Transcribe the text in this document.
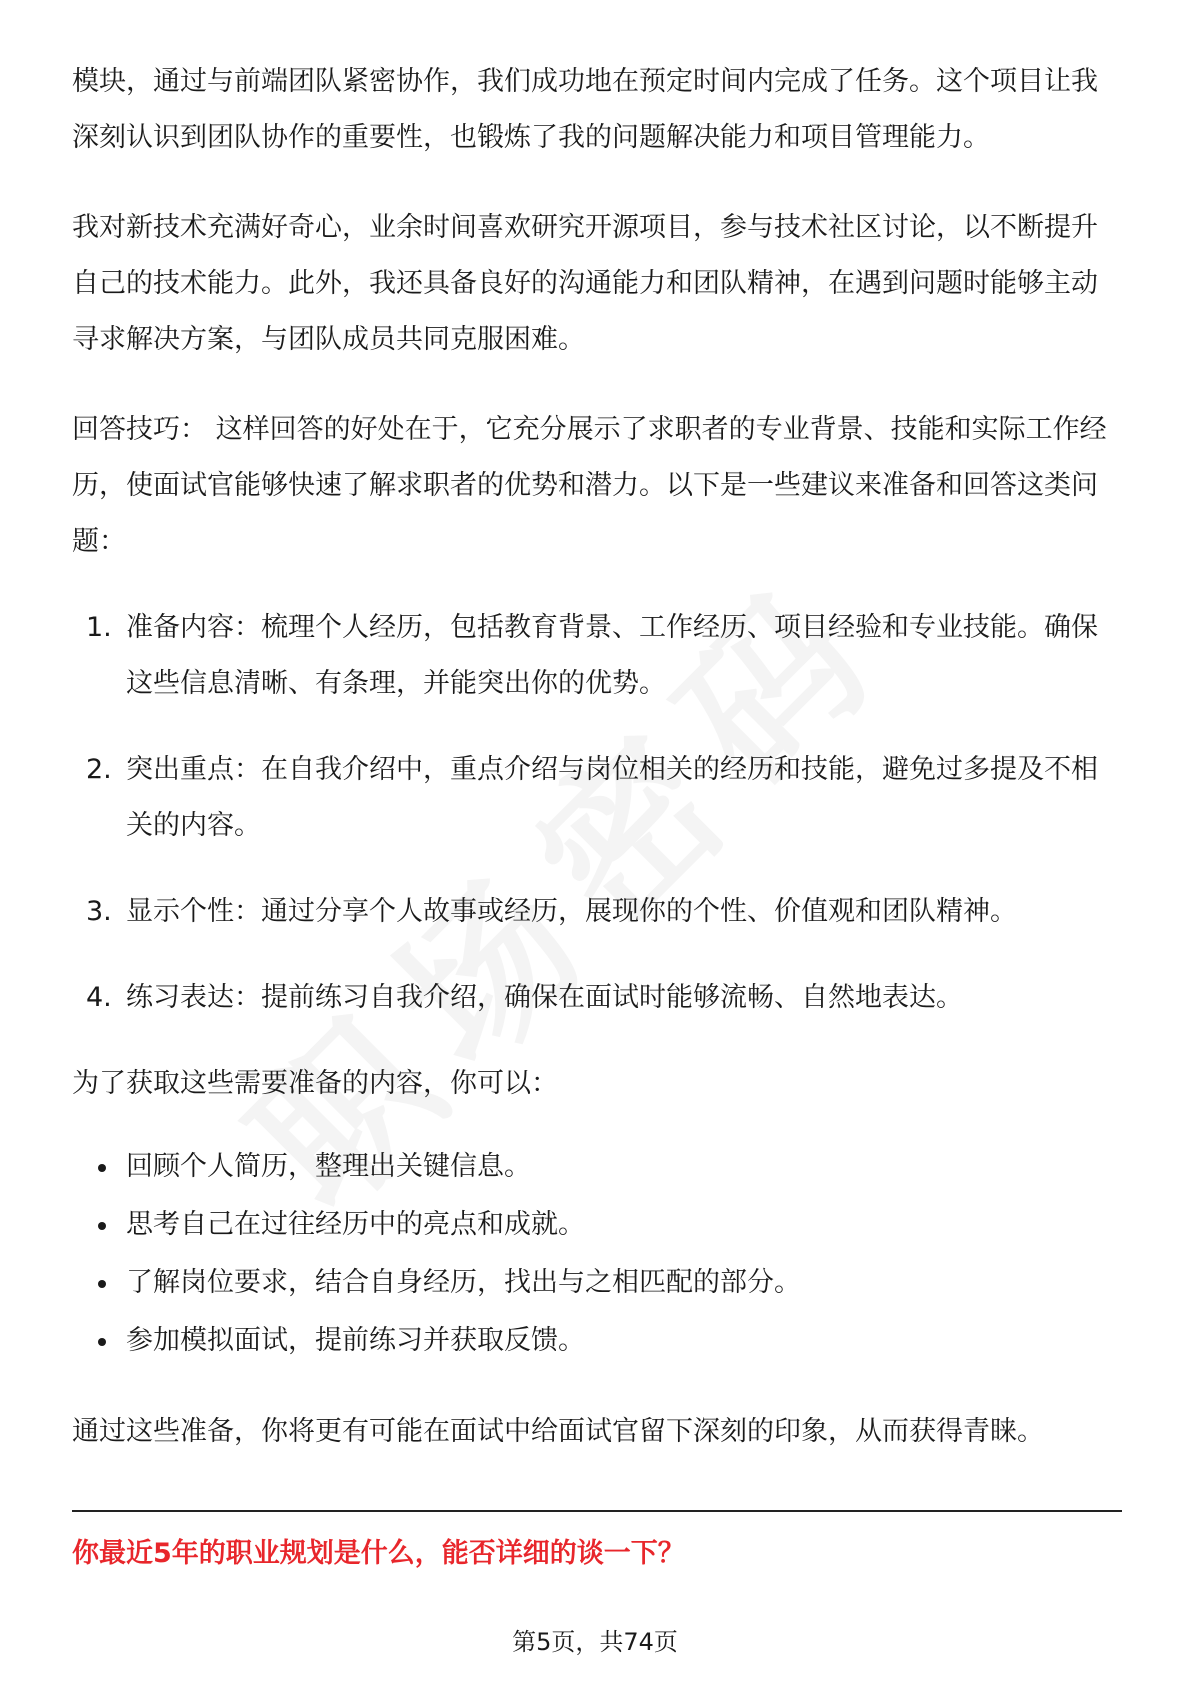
模块，通过与前端团队紧密协作，我们成功地在预定时间内完成了任务。这个项目让我深刻认识到团队协作的重要性，也锻炼了我的问题解决能力和项目管理能力。

我对新技术充满好奇心，业余时间喜欢研究开源项目，参与技术社区讨论，以不断提升自己的技术能力。此外，我还具备良好的沟通能力和团队精神，在遇到问题时能够主动寻求解决方案，与团队成员共同克服困难。

回答技巧： 这样回答的好处在于，它充分展示了求职者的专业背景、技能和实际工作经历，使面试官能够快速了解求职者的优势和潜力。以下是一些建议来准备和回答这类问题：

1. 准备内容：梳理个人经历，包括教育背景、工作经历、项目经验和专业技能。确保这些信息清晰、有条理，并能突出你的优势。
2. 突出重点：在自我介绍中，重点介绍与岗位相关的经历和技能，避免过多提及不相关的内容。
3. 显示个性：通过分享个人故事或经历，展现你的个性、价值观和团队精神。
4. 练习表达：提前练习自我介绍，确保在面试时能够流畅、自然地表达。

为了获取这些需要准备的内容，你可以：

回顾个人简历，整理出关键信息。
思考自己在过往经历中的亮点和成就。
了解岗位要求，结合自身经历，找出与之相匹配的部分。
参加模拟面试，提前练习并获取反馈。

通过这些准备，你将更有可能在面试中给面试官留下深刻的印象，从而获得青睐。

你最近5年的职业规划是什么，能否详细的谈一下？
第5页，共74页
